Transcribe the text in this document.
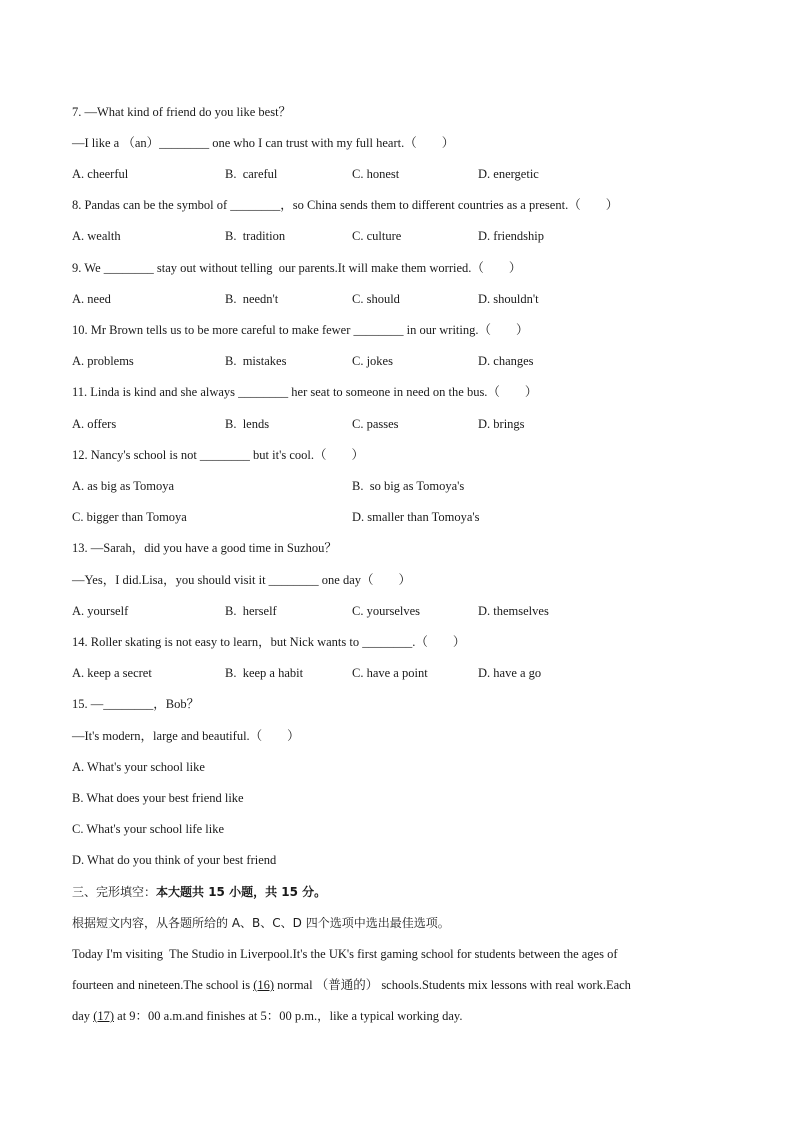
7. —What kind of friend do you like best？
—I like a （an）________ one who I can trust with my full heart.（　　）
A. cheerful	B.  careful	C. honest	D. energetic
8. Pandas can be the symbol of ________，so China sends them to different countries as a present.（　　）
A. wealth	B.  tradition	C. culture	D. friendship
9. We ________ stay out without telling  our parents.It will make them worried.（　　）
A. need	B.  needn't	C. should	D. shouldn't
10. Mr Brown tells us to be more careful to make fewer ________ in our writing.（　　）
A. problems	B.  mistakes	C. jokes	D. changes
11. Linda is kind and she always ________ her seat to someone in need on the bus.（　　）
A. offers	B.  lends	C. passes	D. brings
12. Nancy's school is not ________ but it's cool.（　　）
A. as big as Tomoya	B.  so big as Tomoya's
C. bigger than Tomoya	D. smaller than Tomoya's
13. —Sarah，did you have a good time in Suzhou？
—Yes，I did.Lisa，you should visit it ________ one day（　　）
A. yourself	B.  herself	C. yourselves	D. themselves
14. Roller skating is not easy to learn，but Nick wants to ________.（　　）
A. keep a secret	B.  keep a habit	C. have a point	D. have a go
15. —________，Bob？
—It's modern，large and beautiful.（　　）
A. What's your school like
B. What does your best friend like
C. What's your school life like
D. What do you think of your best friend
三、完形填空：本大题共 15 小题，共 15 分。
根据短文内容，从各题所给的 A、B、C、D 四个选项中选出最佳选项。
Today I'm visiting  The Studio in Liverpool.It's the UK's first gaming school for students between the ages of
fourteen and nineteen.The school is (16) normal （普通的） schools.Students mix lessons with real work.Each
day (17) at 9：00 a.m.and finishes at 5：00 p.m.，like a typical working day.
